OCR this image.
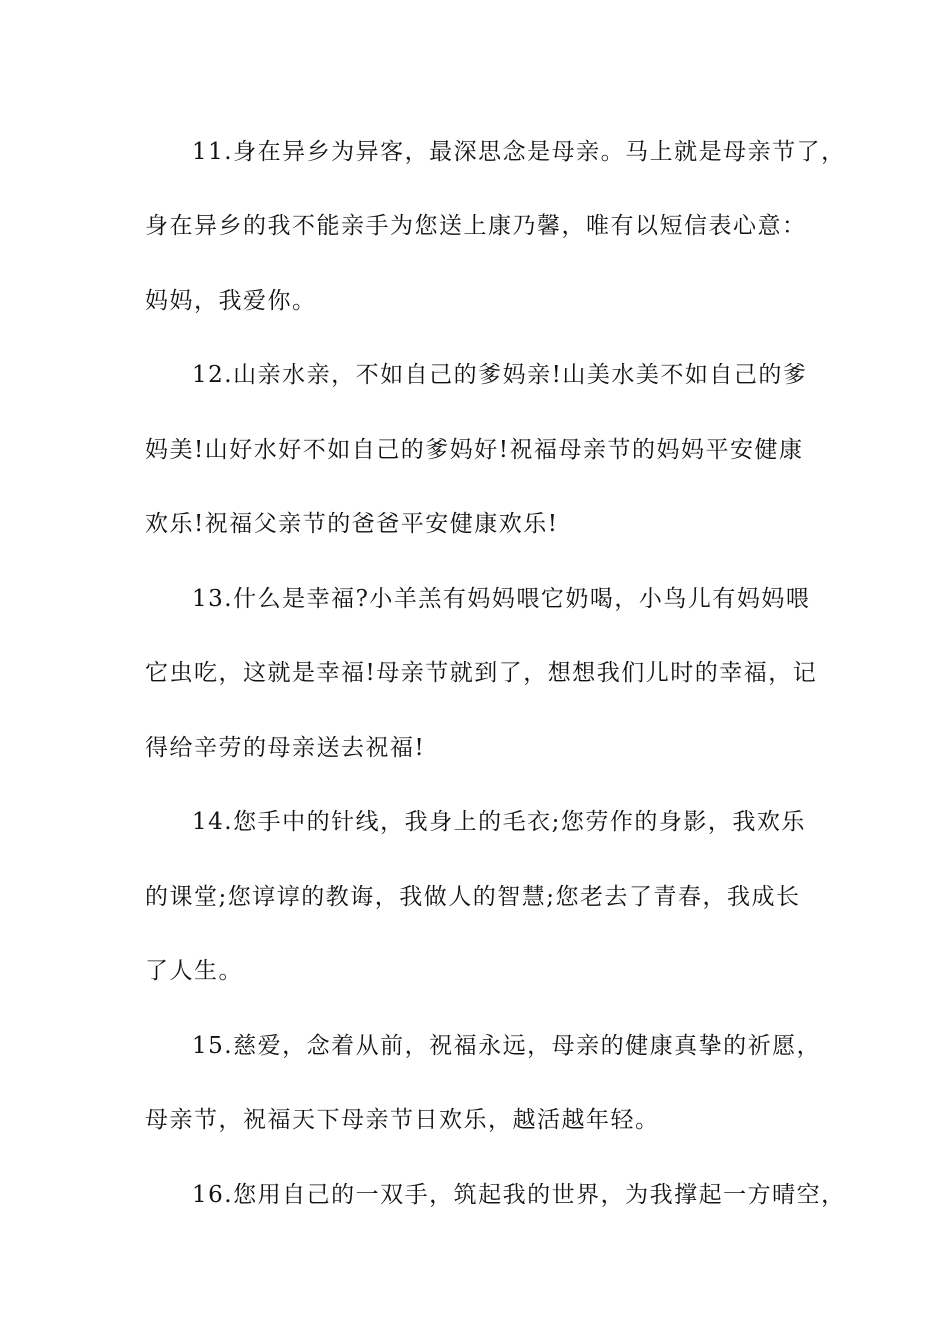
11.身在异乡为异客，最深思念是母亲。马上就是母亲节了，
身在异乡的我不能亲手为您送上康乃馨，唯有以短信表心意：
妈妈，我爱你。
12.山亲水亲，不如自己的爹妈亲!山美水美不如自己的爹
妈美!山好水好不如自己的爹妈好!祝福母亲节的妈妈平安健康
欢乐!祝福父亲节的爸爸平安健康欢乐!
13.什么是幸福?小羊羔有妈妈喂它奶喝，小鸟儿有妈妈喂
它虫吃，这就是幸福!母亲节就到了，想想我们儿时的幸福，记
得给辛劳的母亲送去祝福!
14.您手中的针线，我身上的毛衣;您劳作的身影，我欢乐
的课堂;您谆谆的教诲，我做人的智慧;您老去了青春，我成长
了人生。
15.慈爱，念着从前，祝福永远，母亲的健康真挚的祈愿，
母亲节，祝福天下母亲节日欢乐，越活越年轻。
16.您用自己的一双手，筑起我的世界，为我撑起一方晴空，
